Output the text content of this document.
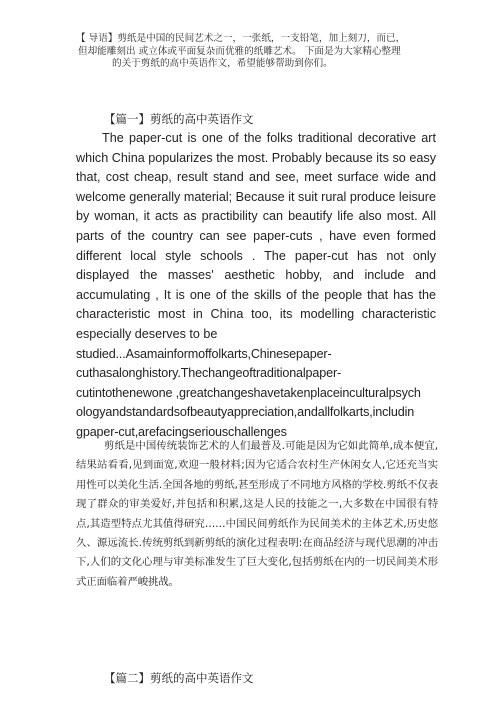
【 导语】剪纸是中国的民间艺术之一，一张纸，一支铅笔，加上刻刀，而已，
但却能雕刻出 或立体或平面复杂而优雅的纸雕艺术。 下面是为大家精心整理
的关于剪纸的高中英语作文，希望能够帮助到你们。
【篇一】剪纸的高中英语作文
The paper-cut is one of the folks traditional decorative art which China popularizes the most. Probably because its so easy that, cost cheap, result stand and see, meet surface wide and welcome generally material; Because it suit rural produce leisure by woman, it acts as practibility can beautify life also most. All parts of the country can see paper-cuts , have even formed different local style schools . The paper-cut has not only displayed the masses' aesthetic hobby, and include and accumulating , It is one of the skills of the people that has the characteristic most in China too, its modelling characteristic especially deserves to be
studied...Asamainformoffolkarts,Chinesepaper-
cuthasalonghistory.Thechangeoftraditionalpaper-
cutintothenewone ,greatchangeshavetakenplaceinculturalpsych
ologyandstandardsofbeautyappreciation,andallfolkarts,includin
gpaper-cut,arefacingseriouschallenges
剪纸是中国传统装饰艺术的人们最普及.可能是因为它如此简单,成本便宜,结果站看看,见到面宽,欢迎一般材料;因为它适合农村生产休闲女人,它还充当实用性可以美化生活.全国各地的剪纸,甚至形成了不同地方风格的学校.剪纸不仅表现了群众的审美爱好,并包括和积累,这是人民的技能之一,大多数在中国很有特点,其造型特点尤其值得研究……中国民间剪纸作为民间美术的主体艺术,历史悠久、源远流长.传统剪纸到新剪纸的演化过程表明:在商品经济与现代思潮的冲击下,人们的文化心理与审美标准发生了巨大变化,包括剪纸在内的一切民间美术形式正面临着严峻挑战。
【篇二】剪纸的高中英语作文
